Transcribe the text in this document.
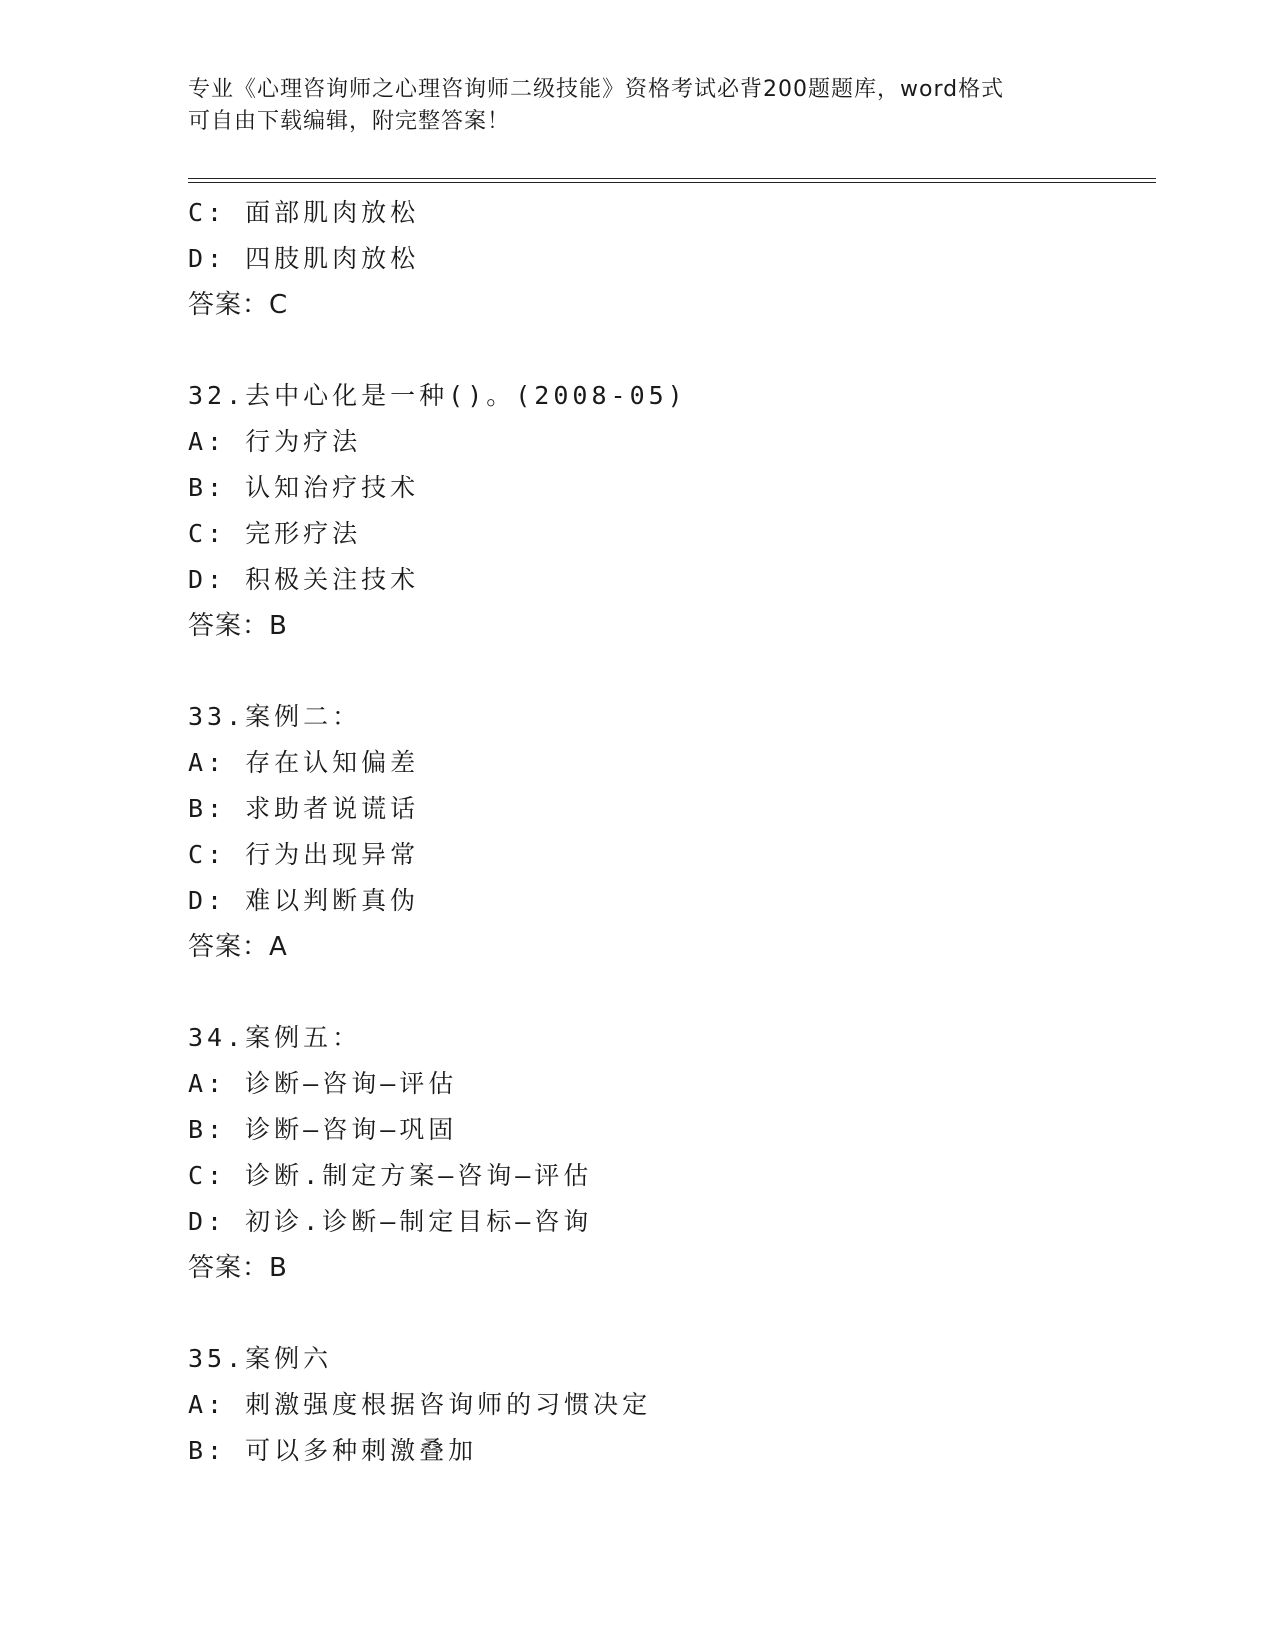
专业《心理咨询师之心理咨询师二级技能》资格考试必背200题题库，word格式
可自由下载编辑，附完整答案！
C: 面部肌肉放松
D: 四肢肌肉放松
答案：C
32.去中心化是一种()。(2008-05)
A: 行为疗法
B: 认知治疗技术
C: 完形疗法
D: 积极关注技术
答案：B
33.案例二：
A: 存在认知偏差
B: 求助者说谎话
C: 行为出现异常
D: 难以判断真伪
答案：A
34.案例五：
A: 诊断—咨询—评估
B: 诊断—咨询—巩固
C: 诊断.制定方案—咨询—评估
D: 初诊.诊断—制定目标—咨询
答案：B
35.案例六
A: 刺激强度根据咨询师的习惯决定
B: 可以多种刺激叠加
